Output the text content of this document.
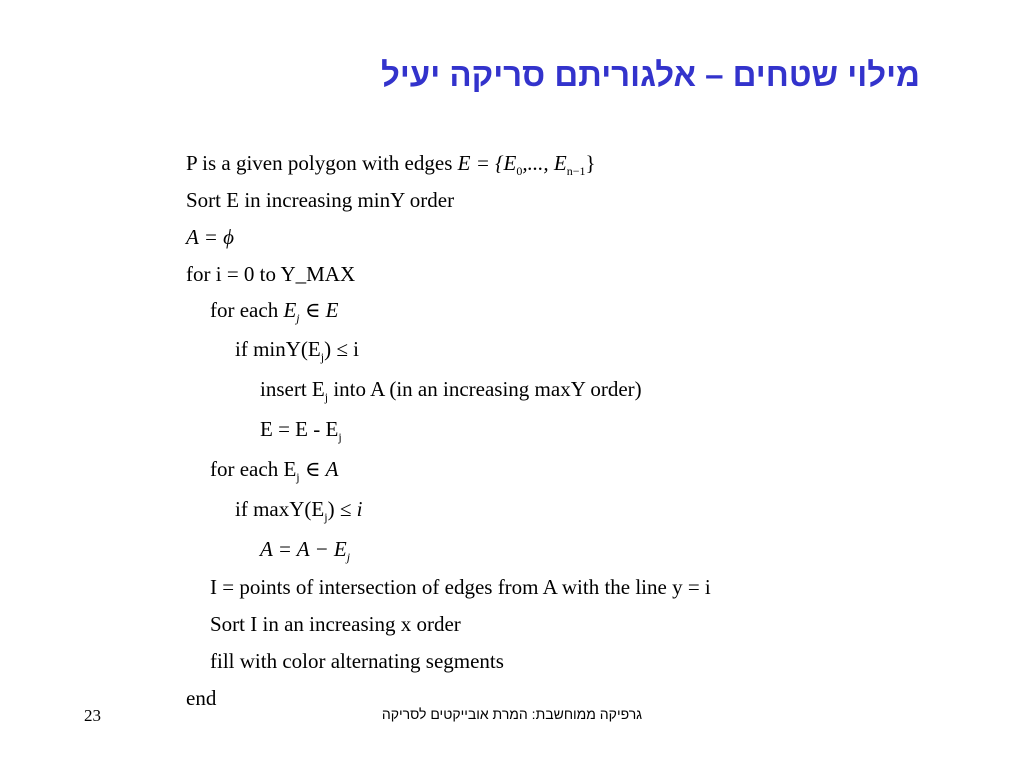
מילוי שטחים – אלגוריתם סריקה יעיל
P is a given polygon with edges $E = \{E_0$,..., $E_{n-1}$}
Sort E in increasing minY order
A = ϕ
for i = 0 to Y_MAX
for each $E_j$ ∈ E
if $\min Y(E_j) \le i$
insert $E_j$ into A (in an increasing maxY order)
$E = E - E_j$
for each $E_j$ ∈ A
if $\max Y(E_j) \le i$
$A = A - E_j$
I = points of intersection of edges from A with the line y = i
Sort I in an increasing x order
fill with color alternating segments
end
גרפיקה ממוחשבת: המרת אובייקטים לסריקה
23
